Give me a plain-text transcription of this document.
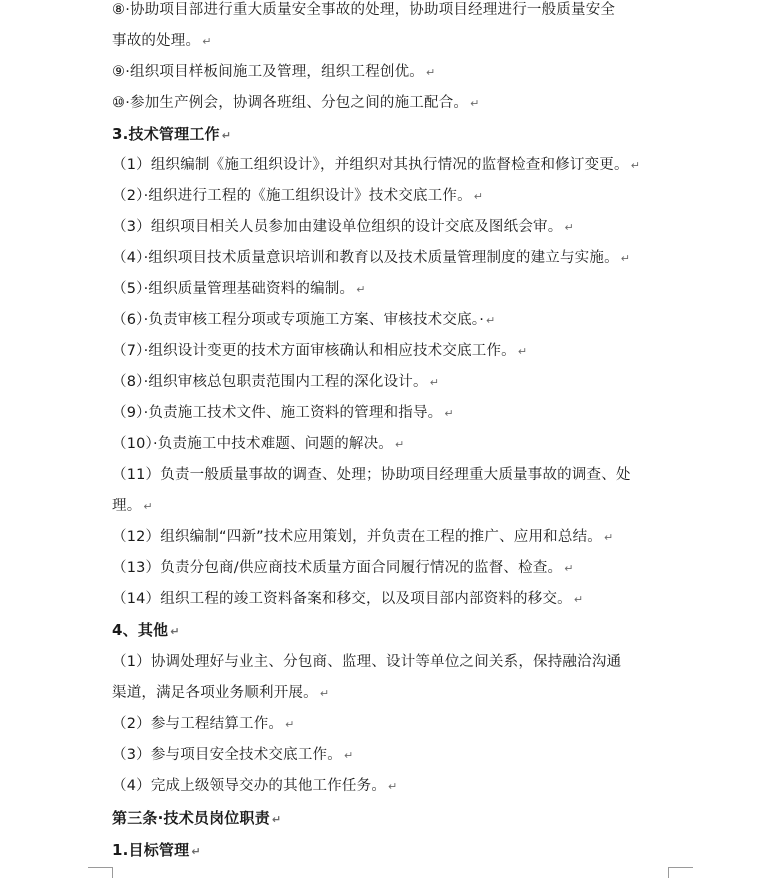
⑧·协助项目部进行重大质量安全事故的处理，协助项目经理进行一般质量安全
事故的处理。 ↵
⑨·组织项目样板间施工及管理，组织工程创优。 ↵
⑩·参加生产例会，协调各班组、分包之间的施工配合。 ↵
3.技术管理工作 ↵
（1）组织编制《施工组织设计》，并组织对其执行情况的监督检查和修订变更。 ↵
（2）·组织进行工程的《施工组织设计》技术交底工作。 ↵
（3）组织项目相关人员参加由建设单位组织的设计交底及图纸会审。 ↵
（4）·组织项目技术质量意识培训和教育以及技术质量管理制度的建立与实施。 ↵
（5）·组织质量管理基础资料的编制。 ↵
（6）·负责审核工程分项或专项施工方案、审核技术交底。· ↵
（7）·组织设计变更的技术方面审核确认和相应技术交底工作。 ↵
（8）·组织审核总包职责范围内工程的深化设计。 ↵
（9）·负责施工技术文件、施工资料的管理和指导。 ↵
（10）·负责施工中技术难题、问题的解决。 ↵
（11）负责一般质量事故的调查、处理；协助项目经理重大质量事故的调查、处
理。 ↵
（12）组织编制“四新”技术应用策划，并负责在工程的推广、应用和总结。 ↵
（13）负责分包商/供应商技术质量方面合同履行情况的监督、检查。 ↵
（14）组织工程的竣工资料备案和移交，以及项目部内部资料的移交。 ↵
4、其他 ↵
（1）协调处理好与业主、分包商、监理、设计等单位之间关系，保持融洽沟通
渠道，满足各项业务顺利开展。 ↵
（2）参与工程结算工作。 ↵
（3）参与项目安全技术交底工作。 ↵
（4）完成上级领导交办的其他工作任务。 ↵
第三条·技术员岗位职责 ↵
1.目标管理 ↵
